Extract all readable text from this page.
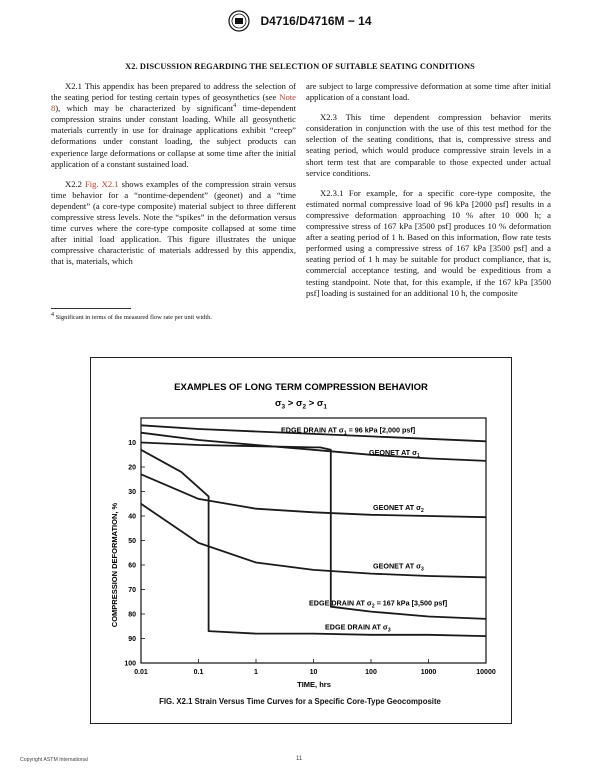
D4716/D4716M − 14
X2. DISCUSSION REGARDING THE SELECTION OF SUITABLE SEATING CONDITIONS

X2.1 This appendix has been prepared to address the selection of the seating period for testing certain types of geosynthetics (see Note 8), which may be characterized by significant$^4$ time-dependent compression strains under constant loading. While all geosynthetic materials currently in use for drainage applications exhibit “creep” deformations under constant loading, the subject products can experience large deformations or collapse at some time after the initial application of a constant sustained load.

X2.2 Fig. X2.1 shows examples of the compression strain versus time behavior for a “nontime-dependent” (geonet) and a “time dependent” (a core-type composite) material subject to three different compressive stress levels. Note the “spikes” in the deformation versus time curves where the core-type composite collapsed at some time after initial load application. This figure illustrates the unique compressive characteristic of materials addressed by this appendix, that is, materials, which

are subject to large compressive deformation at some time after initial application of a constant load.

X2.3 This time dependent compression behavior merits consideration in conjunction with the use of this test method for the selection of the seating conditions, that is, compressive stress and seating period, which would produce compressive strain levels in a short term test that are comparable to those expected under actual service conditions.

X2.3.1 For example, for a specific core-type composite, the estimated normal compressive load of 96 kPa [2000 psf] results in a compressive deformation approaching 10 % after 10 000 h; a compressive stress of 167 kPa [3500 psf] produces 10 % deformation after a seating period of 1 h. Based on this information, flow rate tests performed using a compressive stress of 167 kPa [3500 psf] and a seating period of 1 h may be suitable for product compliance, that is, commercial acceptance testing, and would be expeditious from a testing standpoint. Note that, for this example, if the 167 kPa [3500 psf] loading is sustained for an additional 10 h, the composite

$^4$ Significant in terms of the measured flow rate per unit width.
EXAMPLES OF LONG TERM COMPRESSION BEHAVIOR
$\sigma_3 > \sigma_2 > \sigma_1$
10
20
30
40
50
60
70
80
90
100
0.01	0.1	1	10	100	1000	10000
EDGE DRAIN AT $\sigma_1 = 96$ kPa [2,000 psf]
GEONET AT $\sigma_1$
GEONET AT $\sigma_2$
GEONET AT $\sigma_3$
EDGE DRAIN AT $\sigma_2 = 167$ kPa [3,500 psf]
EDGE DRAIN AT $\sigma_3$
TIME, hrs
COMPRESSION DEFORMATION, %
FIG. X2.1 Strain Versus Time Curves for a Specific Core-Type Geocomposite
Copyright ASTM International	11
